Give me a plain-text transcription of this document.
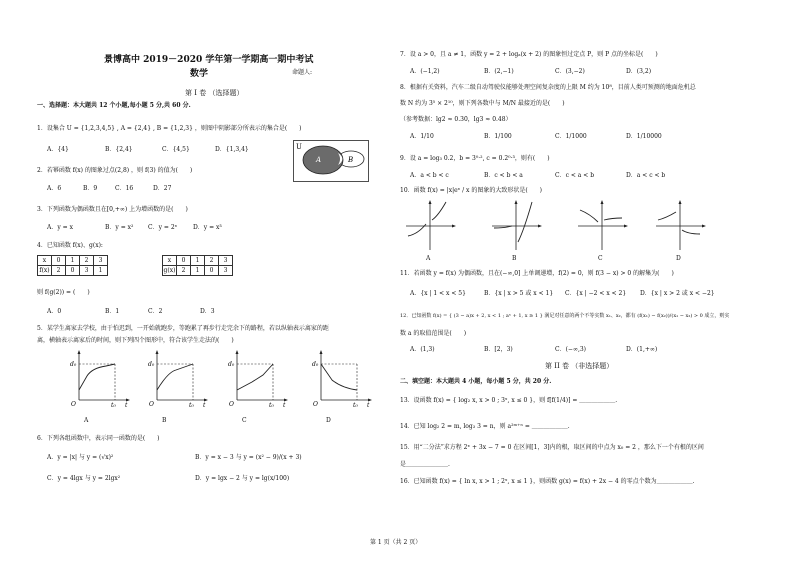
景博高中 2019－2020 学年第一学期高一期中考试
数学	命题人:
第 I 卷 （选择题）
一、选择题：本大题共 12 个小题,每小题 5 分,共 60 分.
1．设集合 U = {1,2,3,4,5} , A = {2,4} , B = {1,2,3} ，则图中阴影部分所表示的集合是(　　)
A．{4}	B．{2,4}	C．{4,5}	D．{1,3,4}	U
A	B
2．若幂函数 f(x) 的图象过点(2,8) ，则 f(3) 的值为(　　)
A．6	B．9	C．16	D．27
3．下列函数为偶函数且在[0,+∞) 上为增函数的是(　　)
A．y = x	B．y = x² C．y = 2ˣ	D．y = x³
4．已知函数 f(x)、g(x):
x	0	1	2	3
f(x)	2	0	3	1
x	0	1	2	3
g(x)	2	1	0	3
则 f(g(2)) = (　　)
A．0	B．1	C．2	D．3
5．某学生离家去学校，由于怕迟到，一开始就跑步，等跑累了再步行走完余下的路程，若以纵轴表示离家的距
离，横轴表示离家后的时间，则下列四个图形中，符合该学生走法的(　　)
d₀
O	t₀ t
A
d₀
O	t₀ t
B
d₀
O	t₀ t
C
d₀
O	t₀ t
D
6．下列各组函数中，表示同一函数的是(　　)
A．y = |x| 与 y = (√x)²	B．y = x − 3 与 y = (x² − 9)/(x + 3)
C．y = 4lgx 与 y = 2lgx²	D．y = lgx − 2 与 y = lg(x/100)
7．设 a > 0，且 a ≠ 1，函数 y = 2 + logₐ(x + 2) 的图象恒过定点 P，则 P 点的坐标是(　　)
A．(−1,2)	B．(2,−1)	C．(3,−2)	D．(3,2)
8．根据有关资料，汽车二级自动驾驶仪能够处理空间复杂度的上限 M 约为 10⁸，目前人类可预测的地面危机总
数 N 约为 3⁵ × 2¹⁰，则下列各数中与 M/N 最接近的是(　　)
（参考数据：lg2 ≈ 0.30，lg3 ≈ 0.48）
A．1/10	B．1/100	C．1/1000	D．1/10000
9．设 a = log₃ 0.2，b = 3⁰·², c = 0.2⁰·³，则有(　　)
A．a < b < c	B．c < b < a	C．c < a < b	D．a < c < b
10．函数 f(x) = |x|eˣ / x 的图象的大致形状是(　　)
A	B	C	D
11．若函数 y = f(x) 为偶函数，且在(−∞,0] 上单调递增，f(2) = 0，则 f(3 − x) > 0 的解集为(　　)
A．{x | 1 < x < 5}	B．{x | x > 5 或 x < 1} C．{x | −2 < x < 2} D．{x | x > 2 或 x < −2}
12．已知函数 f(x) = { (3 − a)x + 2, x < 1 ; aˣ + 1, x ≥ 1 } 满足对任意的两个不等实数 x₁、x₂，都有 (f(x₁) − f(x₂))/(x₁ − x₂) > 0 成立，则实
数 a 的取值范围是(　　)
A．(1,3)	B．[2，3)	C．(−∞,3)	D．(1,+∞)
第 II 卷 （非选择题）
二、填空题：本大题共 4 小题，每小题 5 分，共 20 分.
13．设函数 f(x) = { log₂ x, x > 0 ; 3ˣ, x ≤ 0 }，则 f[f(1/4)] = ＿＿＿＿＿＿.
14．已知 log₂ 2 = m, log₃ 3 = n，则 a²ᵐ⁺ⁿ = ＿＿＿＿＿＿.
15．用“二分法”求方程 2ˣ + 3x − 7 = 0 在区间[1，3]内的根，取区间的中点为 x₀ = 2 ，那么下一个有根的区间
是＿＿＿＿＿＿＿.
16．已知函数 f(x) = { ln x, x > 1 ; 2ˣ, x ≤ 1 }，则函数 g(x) = f(x) + 2x − 4 的零点个数为＿＿＿＿＿＿.
第 1 页（共 2 页）
